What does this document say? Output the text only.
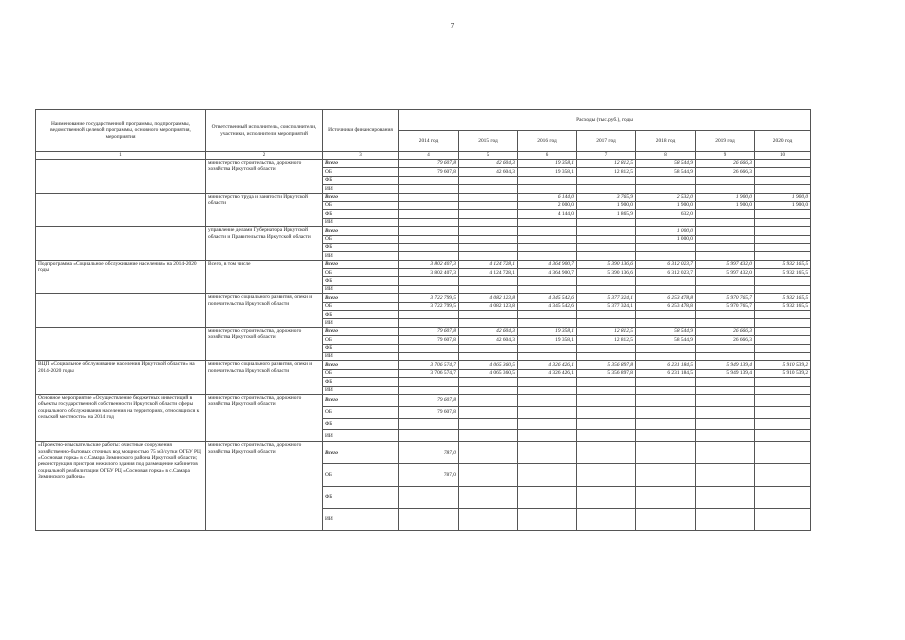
7
Наименование государственной программы, подпрограммы, ведомственной целевой программы, основного мероприятия, мероприятия	Ответственный исполнитель, соисполнители, участники, исполнители мероприятий	Источники финансирования	Расходы (тыс.руб.), годы						
			2014 год	2015 год	2016 год	2017 год	2018 год	2019 год	2020 год
1	2	3	4	5	6	7	8	9	10
	министерство строительства, дорожного хозяйства Иркутской области	Всего	79 607,8	42 604,3	19 358,1	12 812,5	58 544,9	26 666,3	
		ОБ	79 607,8	42 604,3	19 358,1	12 812,5	58 544,9	26 666,3	
		ФБ							
		ИИ							
	министерство труда и занятости Иркутской области	Всего			6 144,0	3 765,9	2 532,0	1 900,0	1 900,0
		ОБ			2 000,0	1 900,0	1 900,0	1 900,0	1 900,0
		ФБ			4 144,0	1 865,9	632,0		
		ИИ							
	управление делами Губернатора Иркутской области и Правительства Иркутской области	Всего					1 000,0		
		ОБ					1 000,0		
		ФБ							
		ИИ							
Подпрограмма «Социальное обслуживание населения» на 2014-2020 годы	Всего, в том числе	Всего	3 802 407,3	4 124 728,1	4 364 900,7	5 390 136,6	6 312 023,7	5 997 432,0	5 932 165,5
		ОБ	3 802 407,3	4 124 728,1	4 364 900,7	5 390 136,6	6 312 023,7	5 997 432,0	5 932 165,5
		ФБ							
		ИИ							
	министерство социального развития, опеки и попечительства Иркутской области	Всего	3 722 799,5	4 082 123,8	4 345 542,6	5 377 324,1	6 253 478,8	5 970 765,7	5 932 165,5
		ОБ	3 722 799,5	4 082 123,8	4 345 542,6	5 377 324,1	6 253 478,8	5 970 765,7	5 932 165,5
		ФБ							
		ИИ							
	министерство строительства, дорожного хозяйства Иркутской области	Всего	79 607,8	42 604,3	19 358,1	12 812,5	58 544,9	26 666,3	
		ОБ	79 607,8	42 604,3	19 358,1	12 812,5	58 544,9	26 666,3	
		ФБ							
		ИИ							
ВЦП «Социальное обслуживание населения Иркутской области» на 2014-2020 годы	министерство социального развития, опеки и попечительства Иркутской области	Всего	3 706 574,7	4 065 360,5	4 326 426,1	5 356 897,8	6 231 184,5	5 949 139,4	5 910 539,2
		ОБ	3 706 574,7	4 065 360,5	4 326 426,1	5 356 897,8	6 231 184,5	5 949 139,4	5 910 539,2
		ФБ							
		ИИ							
Основное мероприятие «Осуществление бюджетных инвестиций в объекты государственной собственности Иркутской области сферы социального обслуживания населения на территориях, относящихся к сельской местности» на 2014 год	министерство строительства, дорожного хозяйства Иркутской области	Всего	79 607,8						
		ОБ	79 607,8						
		ФБ							
		ИИ							
«Проектно-изыскательские работы: очистные сооружения хозяйственно-бытовых сточных вод мощностью 75 м3/сутки ОГБУ РЦ «Сосновая горка» в с.Самара Зиминского района Иркутской области; реконструкция пристроя нежилого здания под размещение кабинетов социальной реабилитации ОГБУ РЦ «Сосновая горка» в с.Самара Зиминского района»	министерство строительства, дорожного хозяйства Иркутской области	Всего	787,0						
		ОБ	787,0						
		ФБ							
		ИИ							
